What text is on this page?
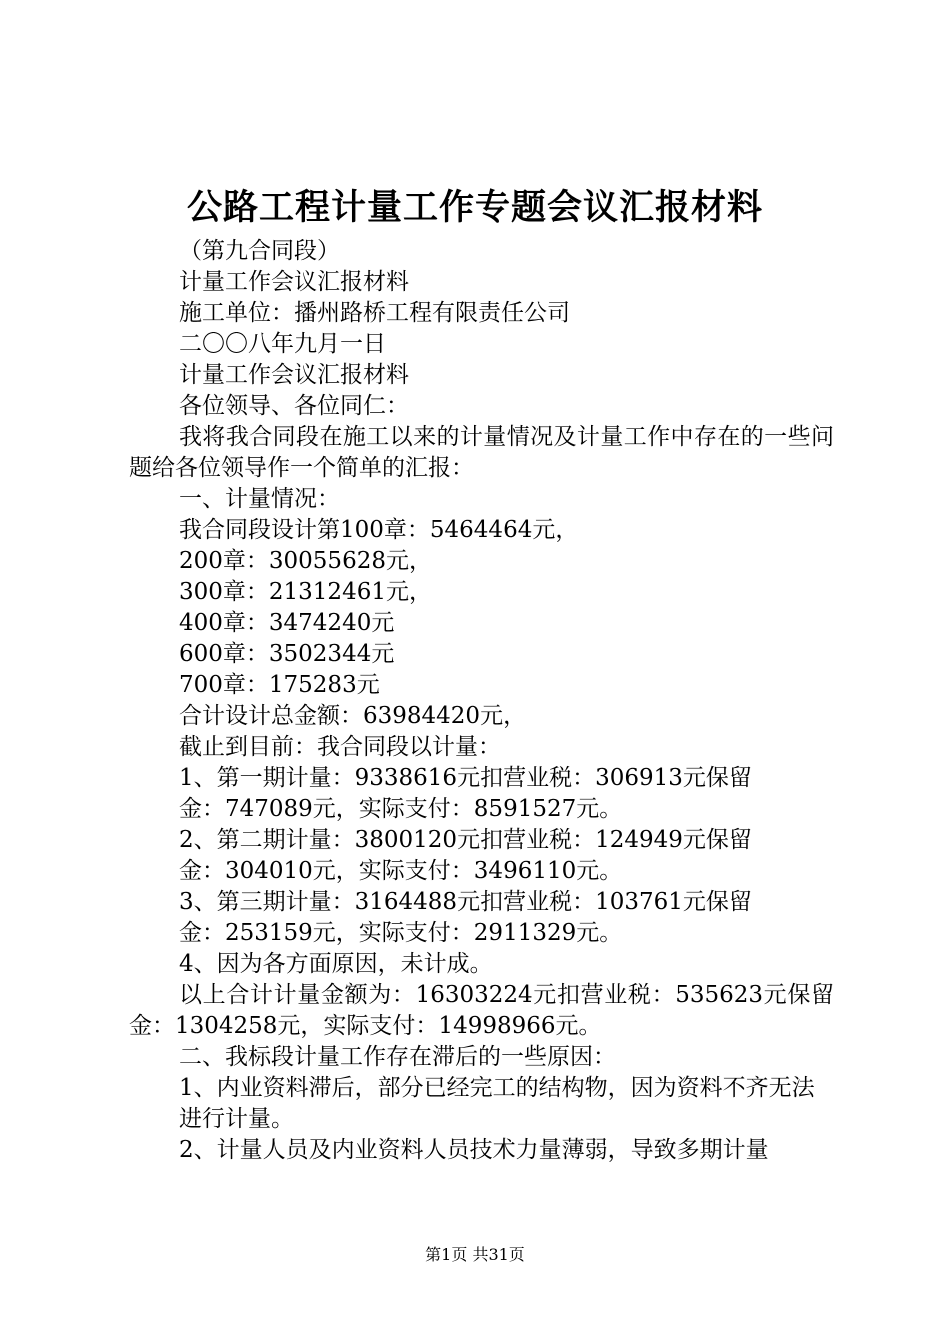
公路工程计量工作专题会议汇报材料

（第九合同段）

计量工作会议汇报材料

施工单位：播州路桥工程有限责任公司

二〇〇八年九月一日

计量工作会议汇报材料

各位领导、各位同仁：

我将我合同段在施工以来的计量情况及计量工作中存在的一些问题给各位领导作一个简单的汇报：

一、计量情况：

我合同段设计第100章：5464464元，

200章：30055628元，

300章：21312461元，

400章：3474240元

600章：3502344元

700章：175283元

合计设计总金额：63984420元，

截止到目前：我合同段以计量：

1、第一期计量：9338616元扣营业税：306913元保留

金：747089元，实际支付：8591527元。

2、第二期计量：3800120元扣营业税：124949元保留

金：304010元，实际支付：3496110元。

3、第三期计量：3164488元扣营业税：103761元保留

金：253159元，实际支付：2911329元。

4、因为各方面原因，未计成。

以上合计计量金额为：16303224元扣营业税：535623元保留金：1304258元，实际支付：14998966元。

二、我标段计量工作存在滞后的一些原因：

1、内业资料滞后，部分已经完工的结构物，因为资料不齐无法

进行计量。

2、计量人员及内业资料人员技术力量薄弱，导致多期计量

第1页 共31页
